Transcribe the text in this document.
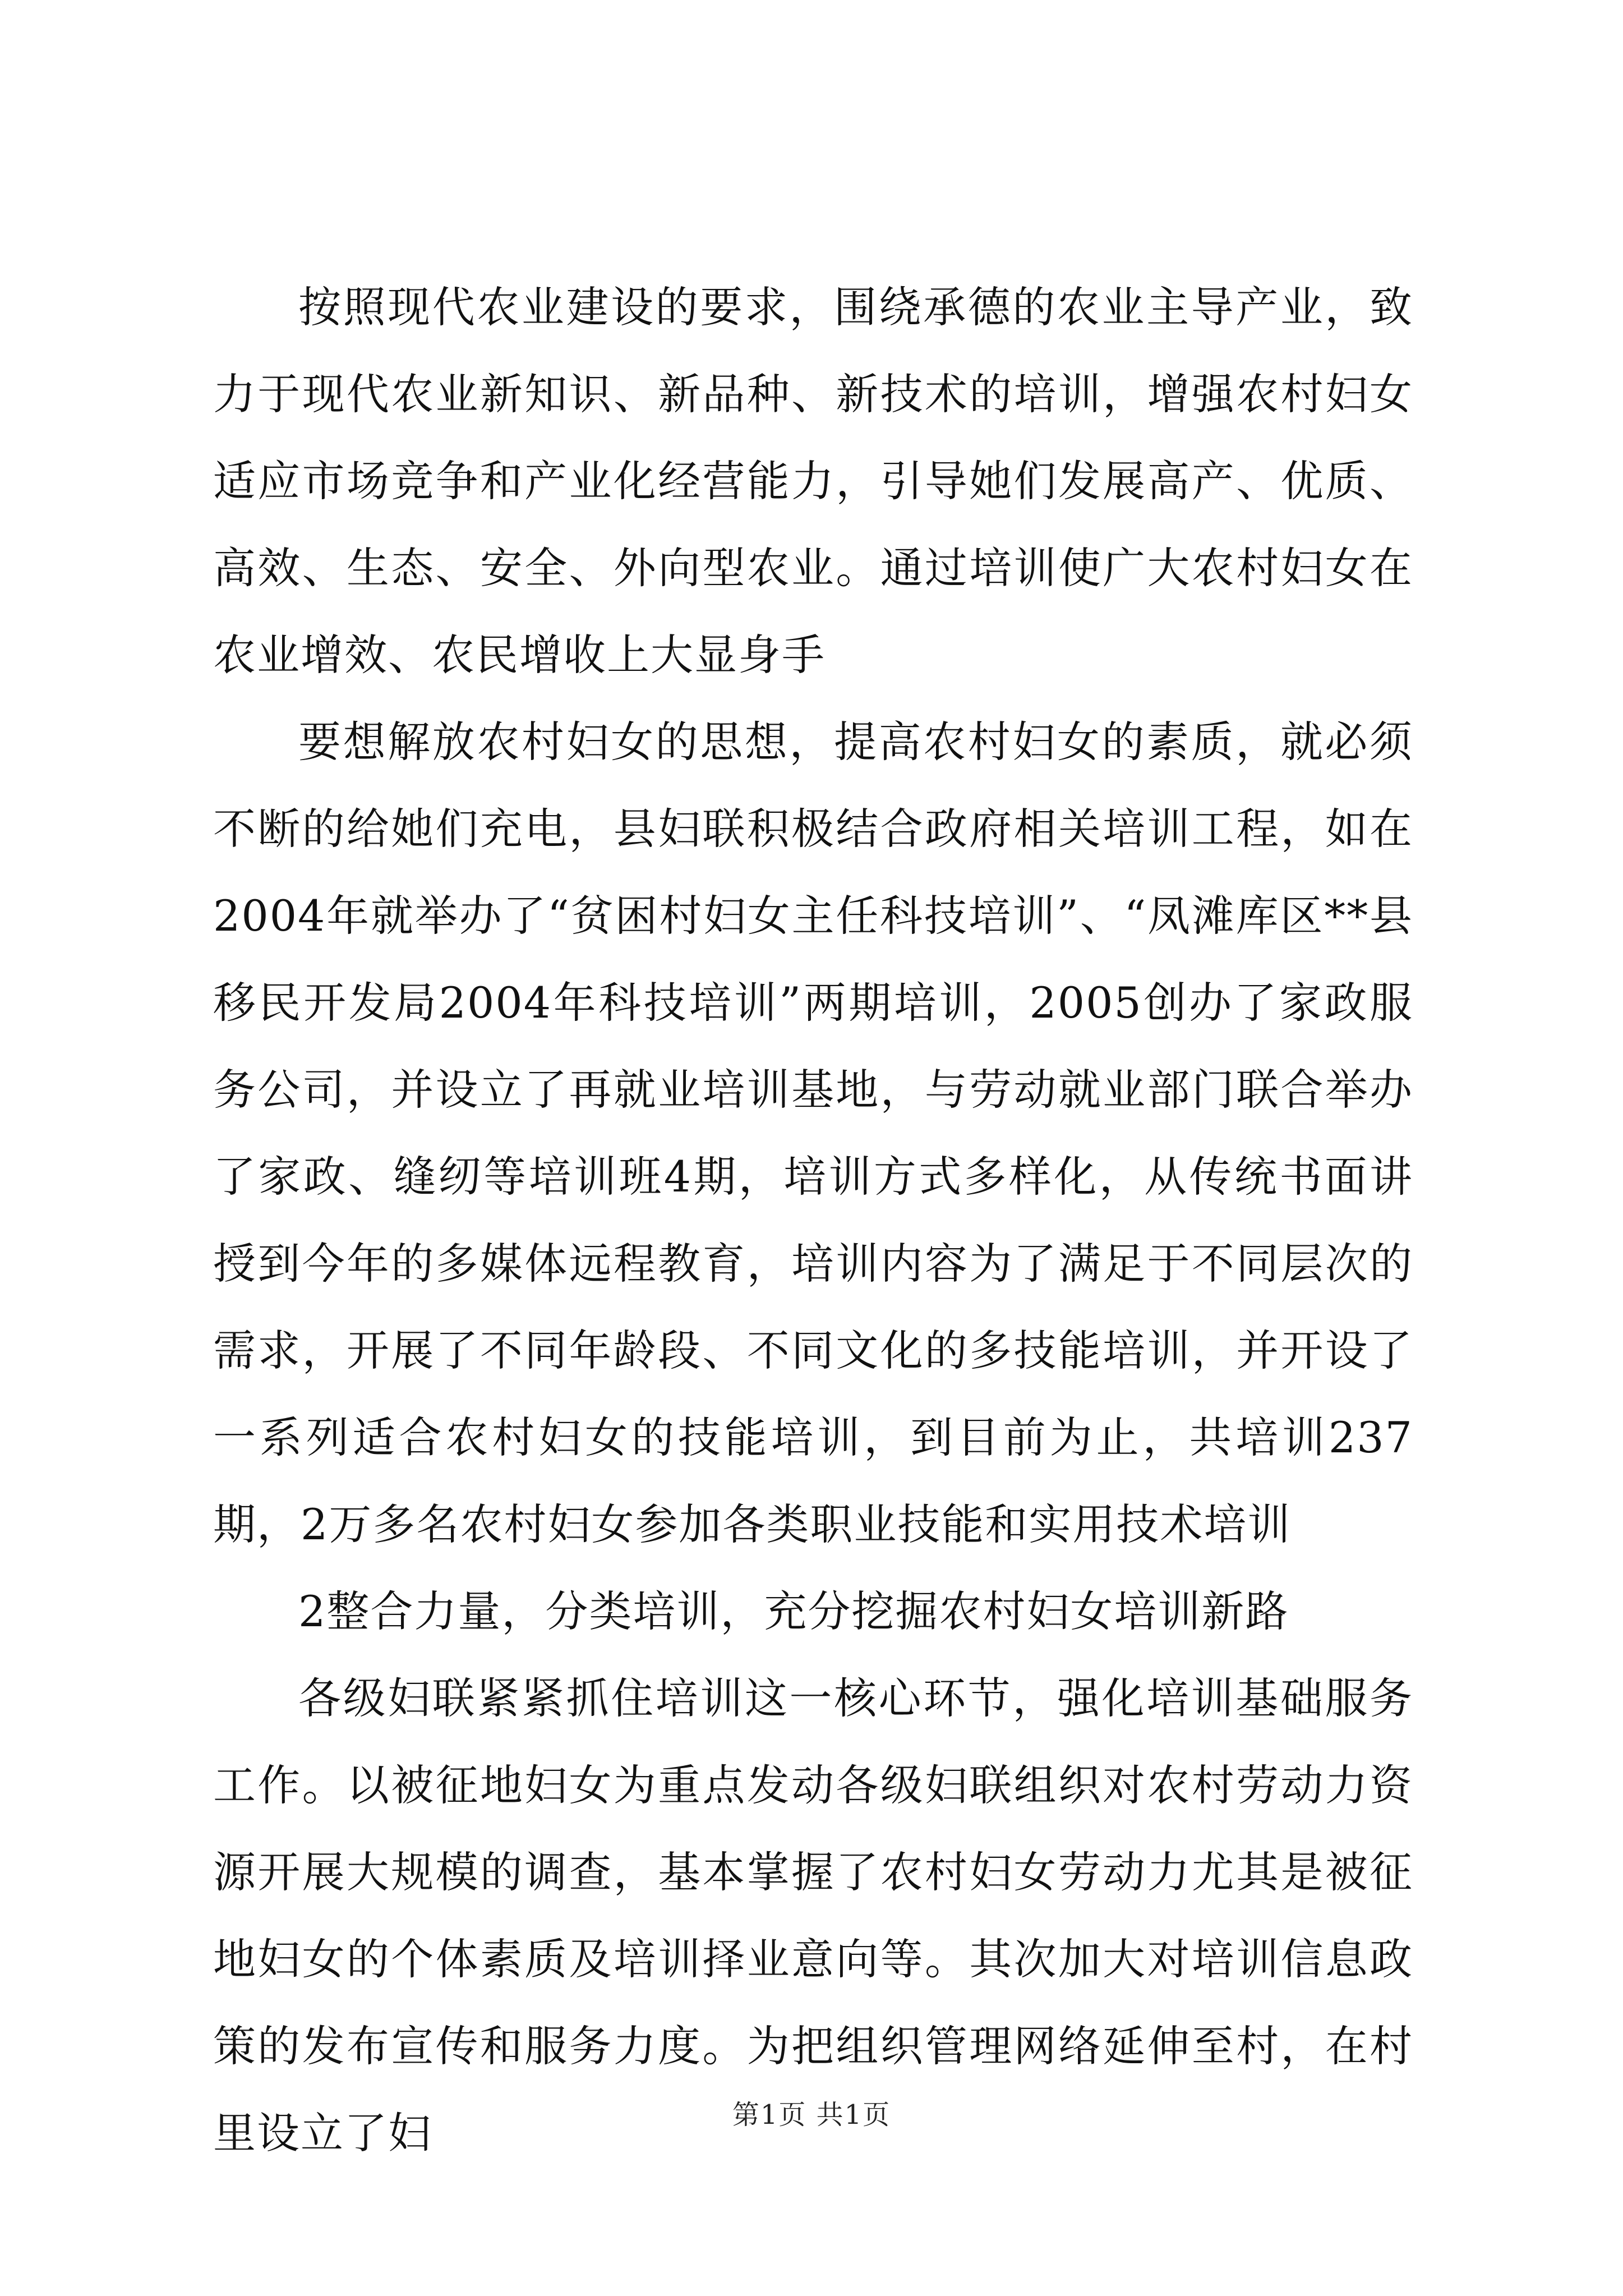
按照现代农业建设的要求，围绕承德的农业主导产业，致力于现代农业新知识、新品种、新技术的培训，增强农村妇女适应市场竞争和产业化经营能力，引导她们发展高产、优质、高效、生态、安全、外向型农业。通过培训使广大农村妇女在农业增效、农民增收上大显身手

要想解放农村妇女的思想，提高农村妇女的素质，就必须不断的给她们充电，县妇联积极结合政府相关培训工程，如在2004年就举办了“贫困村妇女主任科技培训”、“凤滩库区**县移民开发局2004年科技培训”两期培训，2005创办了家政服务公司，并设立了再就业培训基地，与劳动就业部门联合举办了家政、缝纫等培训班4期，培训方式多样化，从传统书面讲授到今年的多媒体远程教育，培训内容为了满足于不同层次的需求，开展了不同年龄段、不同文化的多技能培训，并开设了一系列适合农村妇女的技能培训，到目前为止，共培训237期，2万多名农村妇女参加各类职业技能和实用技术培训

2整合力量，分类培训，充分挖掘农村妇女培训新路

各级妇联紧紧抓住培训这一核心环节，强化培训基础服务工作。以被征地妇女为重点发动各级妇联组织对农村劳动力资源开展大规模的调查，基本掌握了农村妇女劳动力尤其是被征地妇女的个体素质及培训择业意向等。其次加大对培训信息政策的发布宣传和服务力度。为把组织管理网络延伸至村，在村里设立了妇	第1页 共1页
